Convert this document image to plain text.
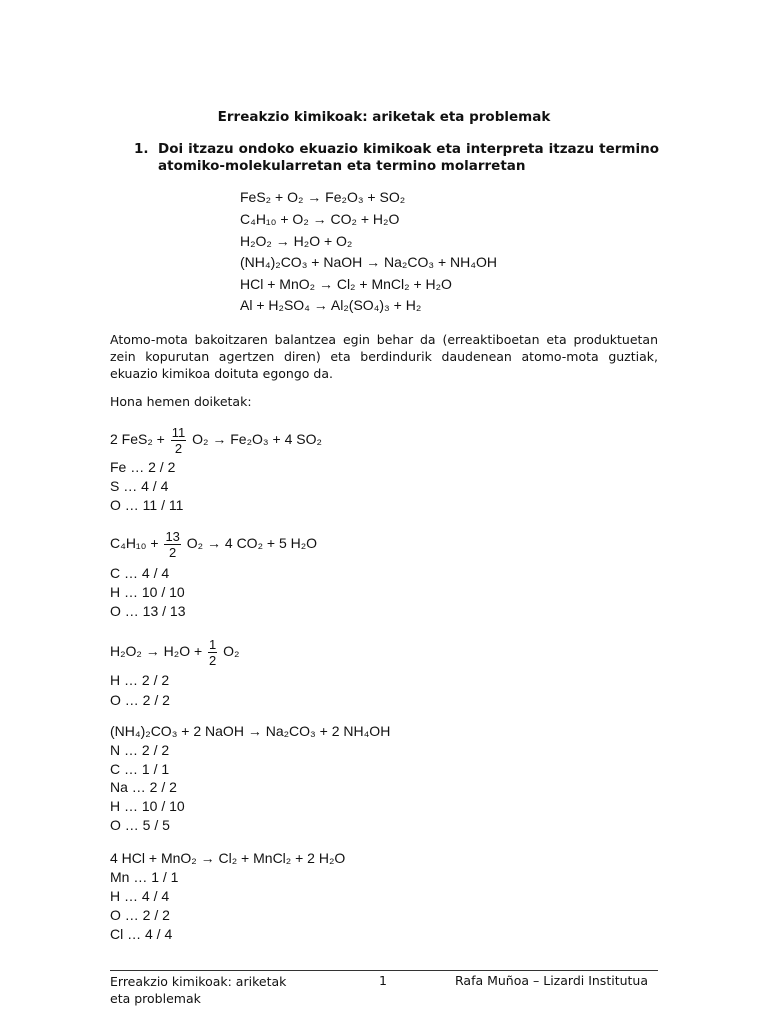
Erreakzio kimikoak: ariketak eta problemak
1. Doi itzazu ondoko ekuazio kimikoak eta interpreta itzazu termino atomiko-molekularretan eta termino molarretan
FeS₂ + O₂ → Fe₂O₃ + SO₂
C₄H₁₀ + O₂ → CO₂ + H₂O
H₂O₂ → H₂O + O₂
(NH₄)₂CO₃ + NaOH → Na₂CO₃ + NH₄OH
HCl + MnO₂ → Cl₂ + MnCl₂ + H₂O
Al + H₂SO₄ → Al₂(SO₄)₃ + H₂
Atomo-mota bakoitzaren balantzea egin behar da (erreaktiboetan eta produktuetan zein kopurutan agertzen diren) eta berdindurik daudenean atomo-mota guztiak, ekuazio kimikoa doituta egongo da.
Hona hemen doiketak:
2 $FeS_2 + \frac{11}{2} O_2 \to Fe_2O_3 + 4$ SO₂
Fe … 2 / 2
S … 4 / 4
O … 11 / 11
$C_4H_{10} + \frac{13}{2} O_2 \to 4$ CO₂ + 5 H₂O
C … 4 / 4
H … 10 / 10
O … 13 / 13
$H_2O_2 \to H_2O + \frac{1}{2} O_2$
H … 2 / 2
O … 2 / 2
(NH₄)₂CO₃ + 2 NaOH → Na₂CO₃ + 2 NH₄OH
N … 2 / 2
C … 1 / 1
Na … 2 / 2
H … 10 / 10
O … 5 / 5
4 HCl + MnO₂ → Cl₂ + MnCl₂ + 2 H₂O
Mn … 1 / 1
H … 4 / 4
O … 2 / 2
Cl … 4 / 4
Erreakzio kimikoak: ariketak eta problemak
1	Rafa Muñoa – Lizardi Institutua
